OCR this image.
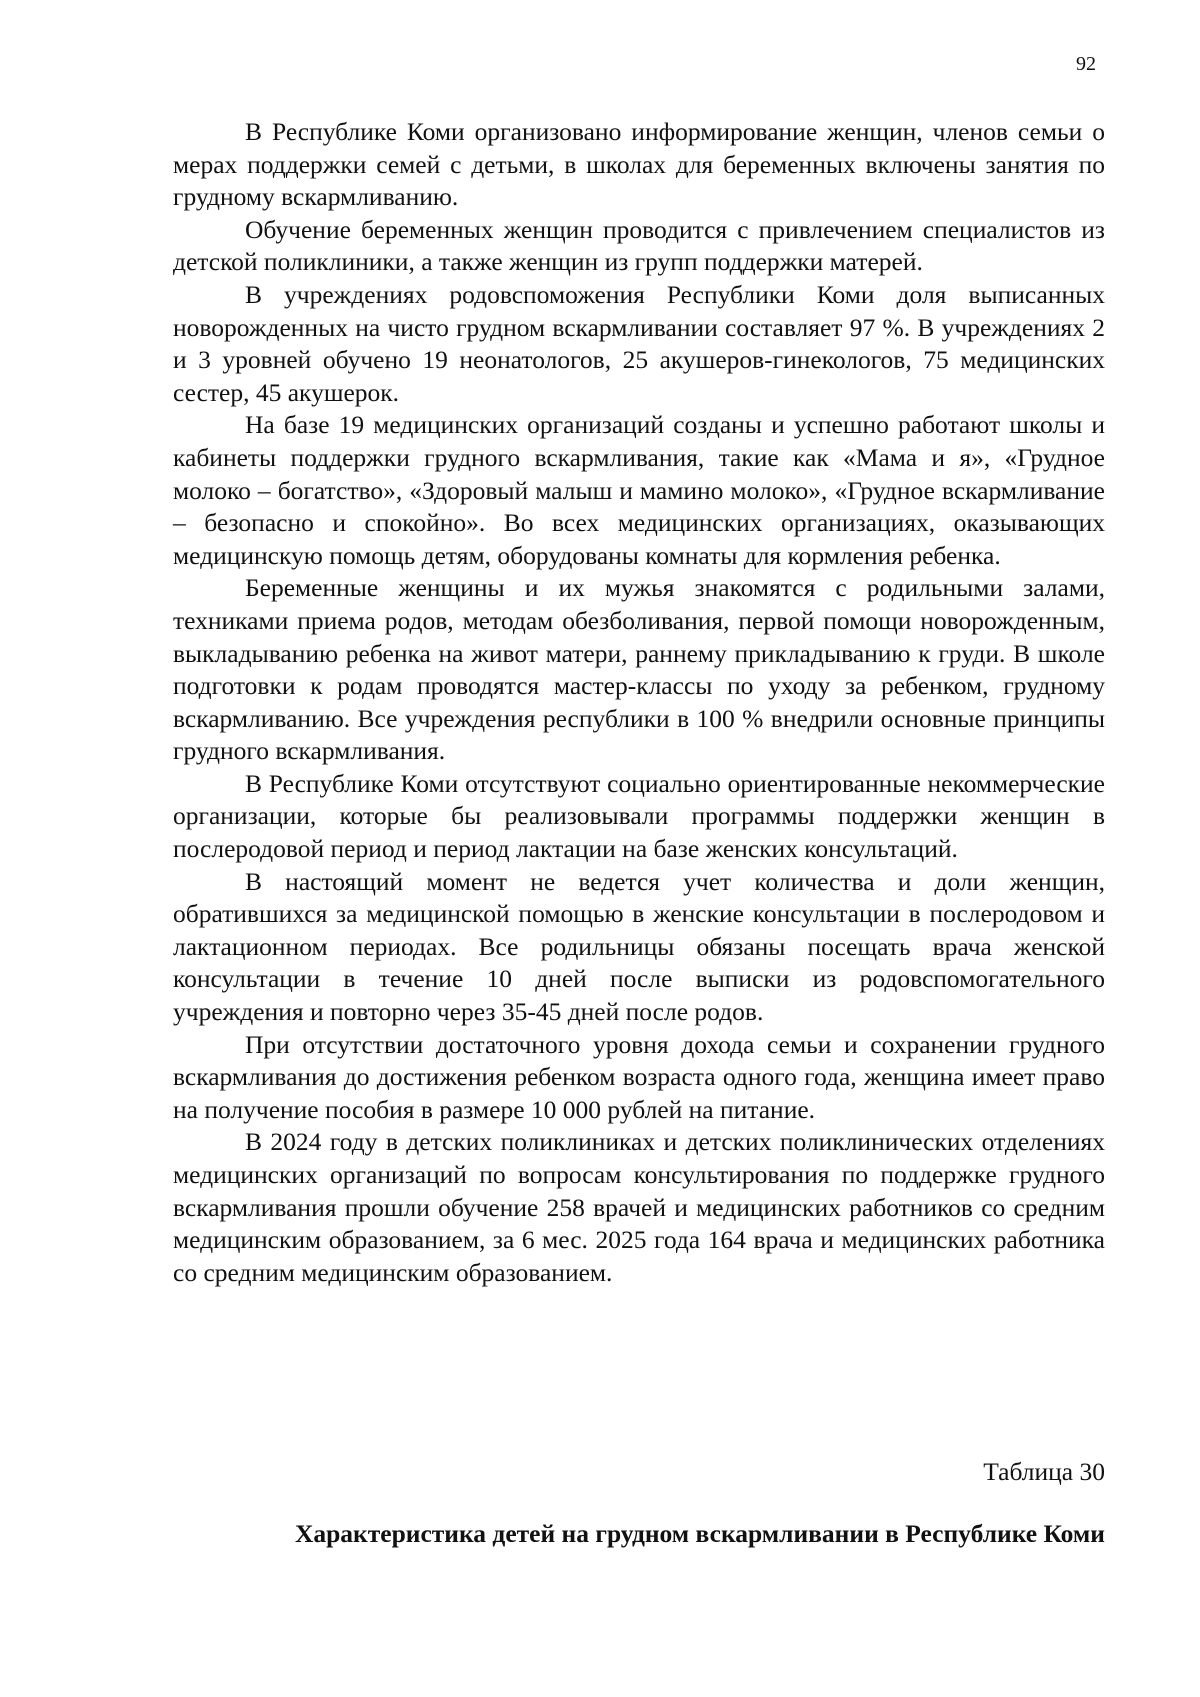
92

В Республике Коми организовано информирование женщин, членов семьи о мерах поддержки семей с детьми, в школах для беременных включены занятия по грудному вскармливанию.

Обучение беременных женщин проводится с привлечением специалистов из детской поликлиники, а также женщин из групп поддержки матерей.

В учреждениях родовспоможения Республики Коми доля выписанных новорожденных на чисто грудном вскармливании составляет 97 %. В учреждениях 2 и 3 уровней обучено 19 неонатологов, 25 акушеров-гинекологов, 75 медицинских сестер, 45 акушерок.

На базе 19 медицинских организаций созданы и успешно работают школы и кабинеты поддержки грудного вскармливания, такие как «Мама и я», «Грудное молоко – богатство», «Здоровый малыш и мамино молоко», «Грудное вскармливание – безопасно и спокойно». Во всех медицинских организациях, оказывающих медицинскую помощь детям, оборудованы комнаты для кормления ребенка.

Беременные женщины и их мужья знакомятся с родильными залами, техниками приема родов, методам обезболивания, первой помощи новорожденным, выкладыванию ребенка на живот матери, раннему прикладыванию к груди. В школе подготовки к родам проводятся мастер-классы по уходу за ребенком, грудному вскармливанию. Все учреждения республики в 100 % внедрили основные принципы грудного вскармливания.

В Республике Коми отсутствуют социально ориентированные некоммерческие организации, которые бы реализовывали программы поддержки женщин в послеродовой период и период лактации на базе женских консультаций.

В настоящий момент не ведется учет количества и доли женщин, обратившихся за медицинской помощью в женские консультации в послеродовом и лактационном периодах. Все родильницы обязаны посещать врача женской консультации в течение 10 дней после выписки из родовспомогательного учреждения и повторно через 35-45 дней после родов.

При отсутствии достаточного уровня дохода семьи и сохранении грудного вскармливания до достижения ребенком возраста одного года, женщина имеет право на получение пособия в размере 10 000 рублей на питание.

В 2024 году в детских поликлиниках и детских поликлинических отделениях медицинских организаций по вопросам консультирования по поддержке грудного вскармливания прошли обучение 258 врачей и медицинских работников со средним медицинским образованием, за 6 мес. 2025 года 164 врача и медицинских работника со средним медицинским образованием.

Таблица 30

Характеристика детей на грудном вскармливании в Республике Коми
